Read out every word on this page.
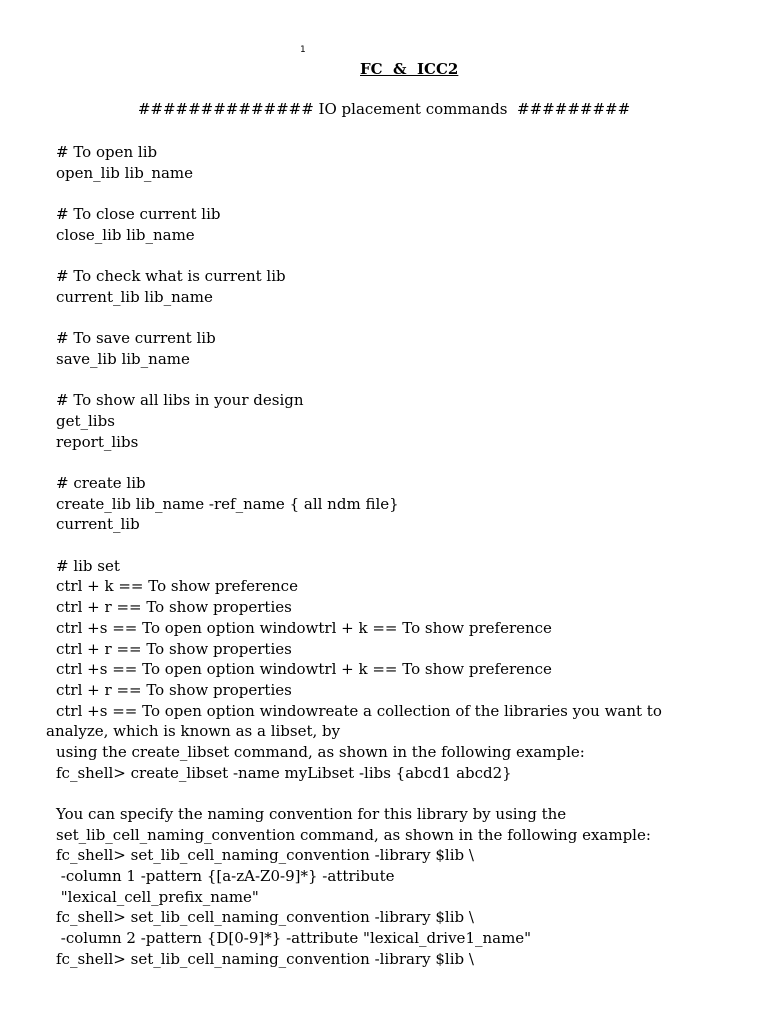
1
FC  &  ICC2
############## IO placement commands  #########
# To open lib
open_lib lib_name
# To close current lib
close_lib lib_name
# To check what is current lib
current_lib lib_name
# To save current lib
save_lib lib_name
# To show all libs in your design
get_libs
report_libs
# create lib
create_lib lib_name -ref_name { all ndm file}
current_lib
# lib set
ctrl + k == To show preference
ctrl + r == To show properties
ctrl +s == To open option windowtrl + k == To show preference
ctrl + r == To show properties
ctrl +s == To open option windowtrl + k == To show preference
ctrl + r == To show properties
ctrl +s == To open option windowreate a collection of the libraries you want to
analyze, which is known as a libset, by
using the create_libset command, as shown in the following example:
fc_shell> create_libset -name myLibset -libs {abcd1 abcd2}
You can specify the naming convention for this library by using the
set_lib_cell_naming_convention command, as shown in the following example:
fc_shell> set_lib_cell_naming_convention -library $lib \
-column 1 -pattern {[a-zA-Z0-9]*} -attribute
"lexical_cell_prefix_name"
fc_shell> set_lib_cell_naming_convention -library $lib \
-column 2 -pattern {D[0-9]*} -attribute "lexical_drive1_name"
fc_shell> set_lib_cell_naming_convention -library $lib \
